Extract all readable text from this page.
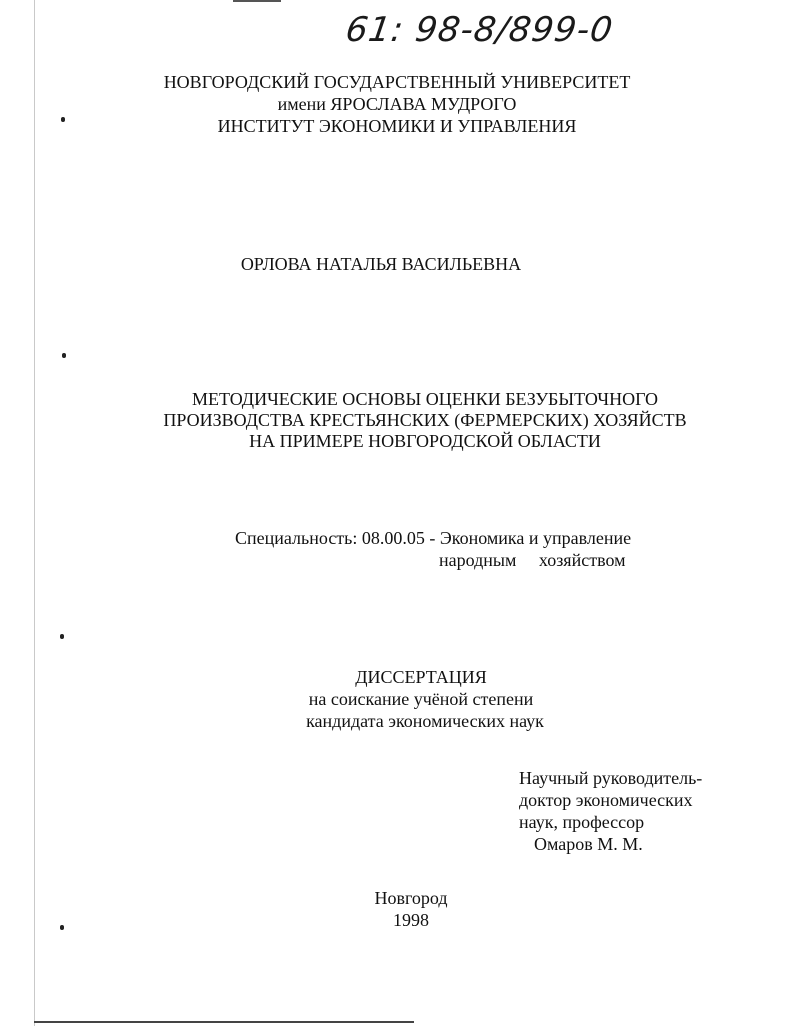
61: 98-8/899-0
НОВГОРОДСКИЙ ГОСУДАРСТВЕННЫЙ УНИВЕРСИТЕТ
имени ЯРОСЛАВА МУДРОГО
ИНСТИТУТ ЭКОНОМИКИ И УПРАВЛЕНИЯ
ОРЛОВА НАТАЛЬЯ ВАСИЛЬЕВНА
МЕТОДИЧЕСКИЕ ОСНОВЫ ОЦЕНКИ БЕЗУБЫТОЧНОГО
ПРОИЗВОДСТВА КРЕСТЬЯНСКИХ (ФЕРМЕРСКИХ) ХОЗЯЙСТВ
НА ПРИМЕРЕ НОВГОРОДСКОЙ ОБЛАСТИ
Специальность: 08.00.05 - Экономика и управление
народным     хозяйством
ДИССЕРТАЦИЯ
на соискание учёной степени
кандидата экономических наук
Научный руководитель-
доктор экономических
наук, профессор
Омаров М. М.
Новгород
1998
